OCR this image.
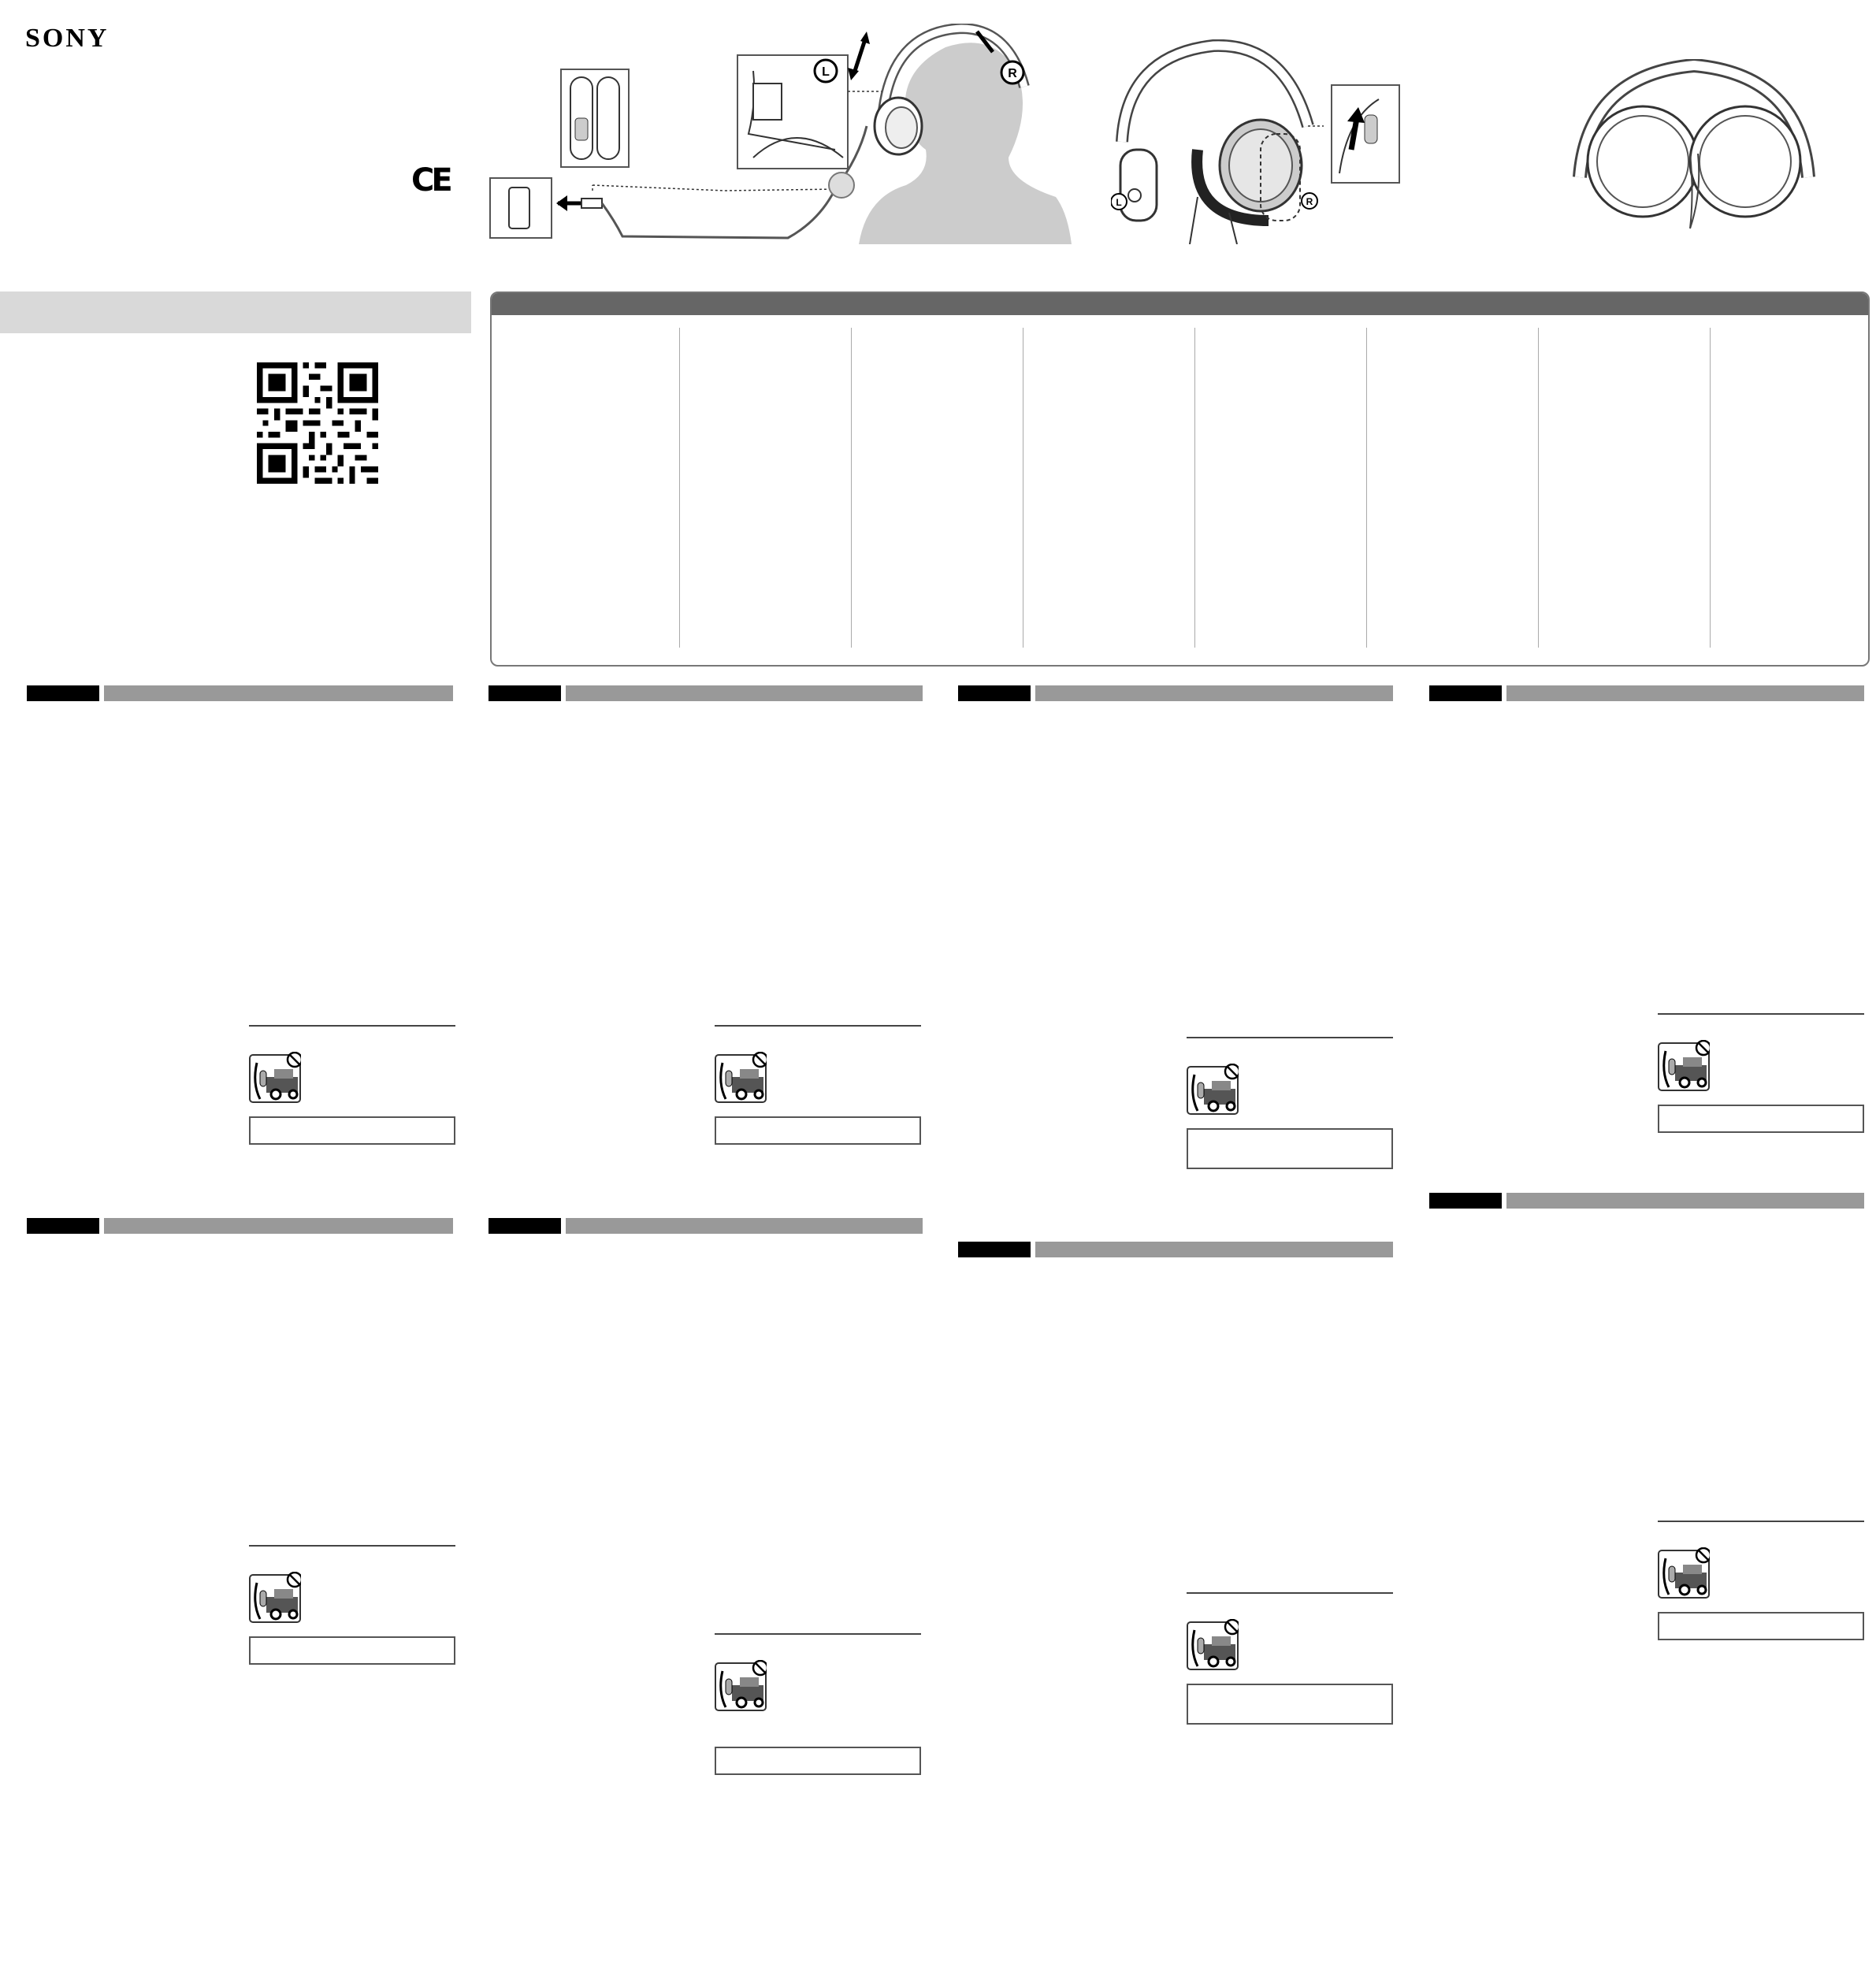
SONY
CE
L	R
L	R
